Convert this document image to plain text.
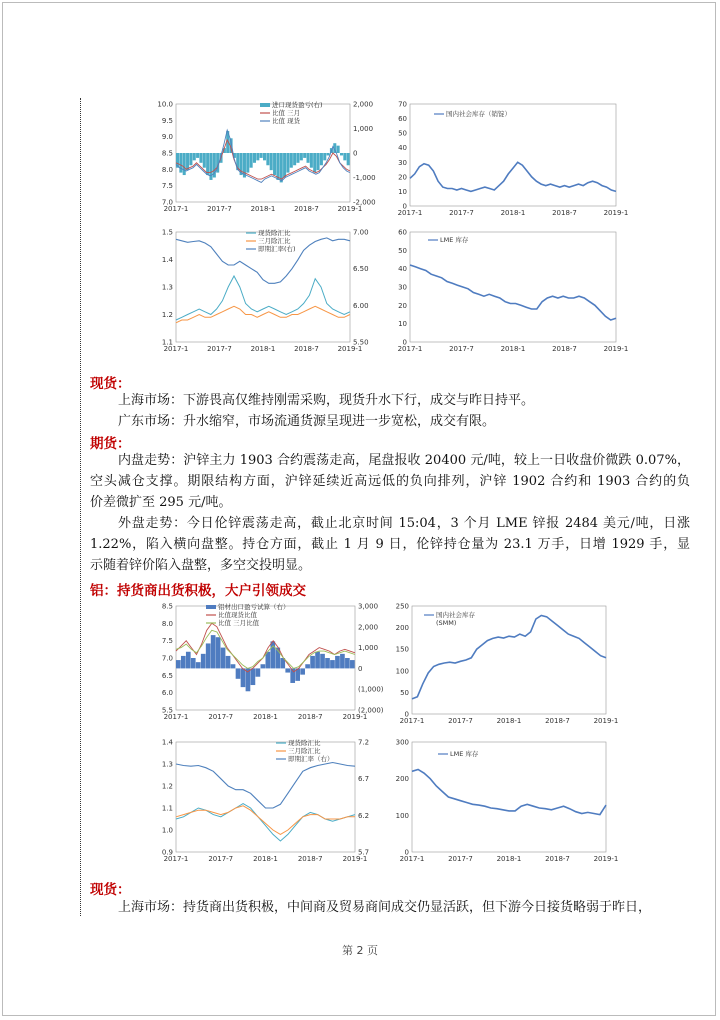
2017-1	2017-7	2018-1	2018-7	2019-1
10.0
9.5
9.0
8.5
8.0
7.5
7.0
2,000
1,000
0
-1,000
-2,000
进口现货盈亏(右)
比值 三月
比值 现货
2017-1	2017-7	2018-1	2018-7	2019-1
70
60
50
40
30
20
10
0
国内社会库存（销锭）
2017-1	2017-7	2018-1	2018-7	2019-1
1.5
1.4
1.3
1.2
1.1
7.00
6.50
6.00
5.50
现货除汇比
三月除汇比
即期汇率(右)
2017-1	2017-7	2018-1	2018-7	2019-1
60
50
40
30
20
10
0
LME 库存
现货：
上海市场：下游畏高仅维持刚需采购，现货升水下行，成交与昨日持平。
广东市场：升水缩窄，市场流通货源呈现进一步宽松，成交有限。
期货：
内盘走势：沪锌主力 1903 合约震荡走高，尾盘报收 20400 元/吨，较上一日收盘价微跌 0.07%，
空头减仓支撑。期限结构方面，沪锌延续近高远低的负向排列，沪锌 1902 合约和 1903 合约的负
价差微扩至 295 元/吨。
外盘走势：今日伦锌震荡走高，截止北京时间 15:04，3 个月 LME 锌报 2484 美元/吨，日涨
1.22%，陷入横向盘整。持仓方面，截止 1 月 9 日，伦锌持仓量为 23.1 万手，日增 1929 手，显
示随着锌价陷入盘整，多空交投明显。
铝：持货商出货积极，大户引领成交
2017-1	2017-7	2018-1	2018-7	2019-1
8.5
8.0
7.5
7.0
6.5
6.0
5.5
3,000
2,000
1,000
0
(1,000)
(2,000)
铝材出口盈亏试算（右）
比值现货比值
比值 三月比值
2017-1	2017-7	2018-1	2018-7	2019-1
250
200
150
100
50
0
国内社会库存
(SMM)
2017-1	2017-7	2018-1	2018-7	2019-1
1.4
1.3
1.2
1.1
1.0
0.9
7.2
6.7
6.2
5.7
现货除汇比
三月除汇比
即期汇率（右）
2017-1	2017-7	2018-1	2018-7	2019-1
300
200
100
0
LME 库存
现货：
上海市场：持货商出货积极，中间商及贸易商间成交仍显活跃，但下游今日接货略弱于昨日，
第 2 页
